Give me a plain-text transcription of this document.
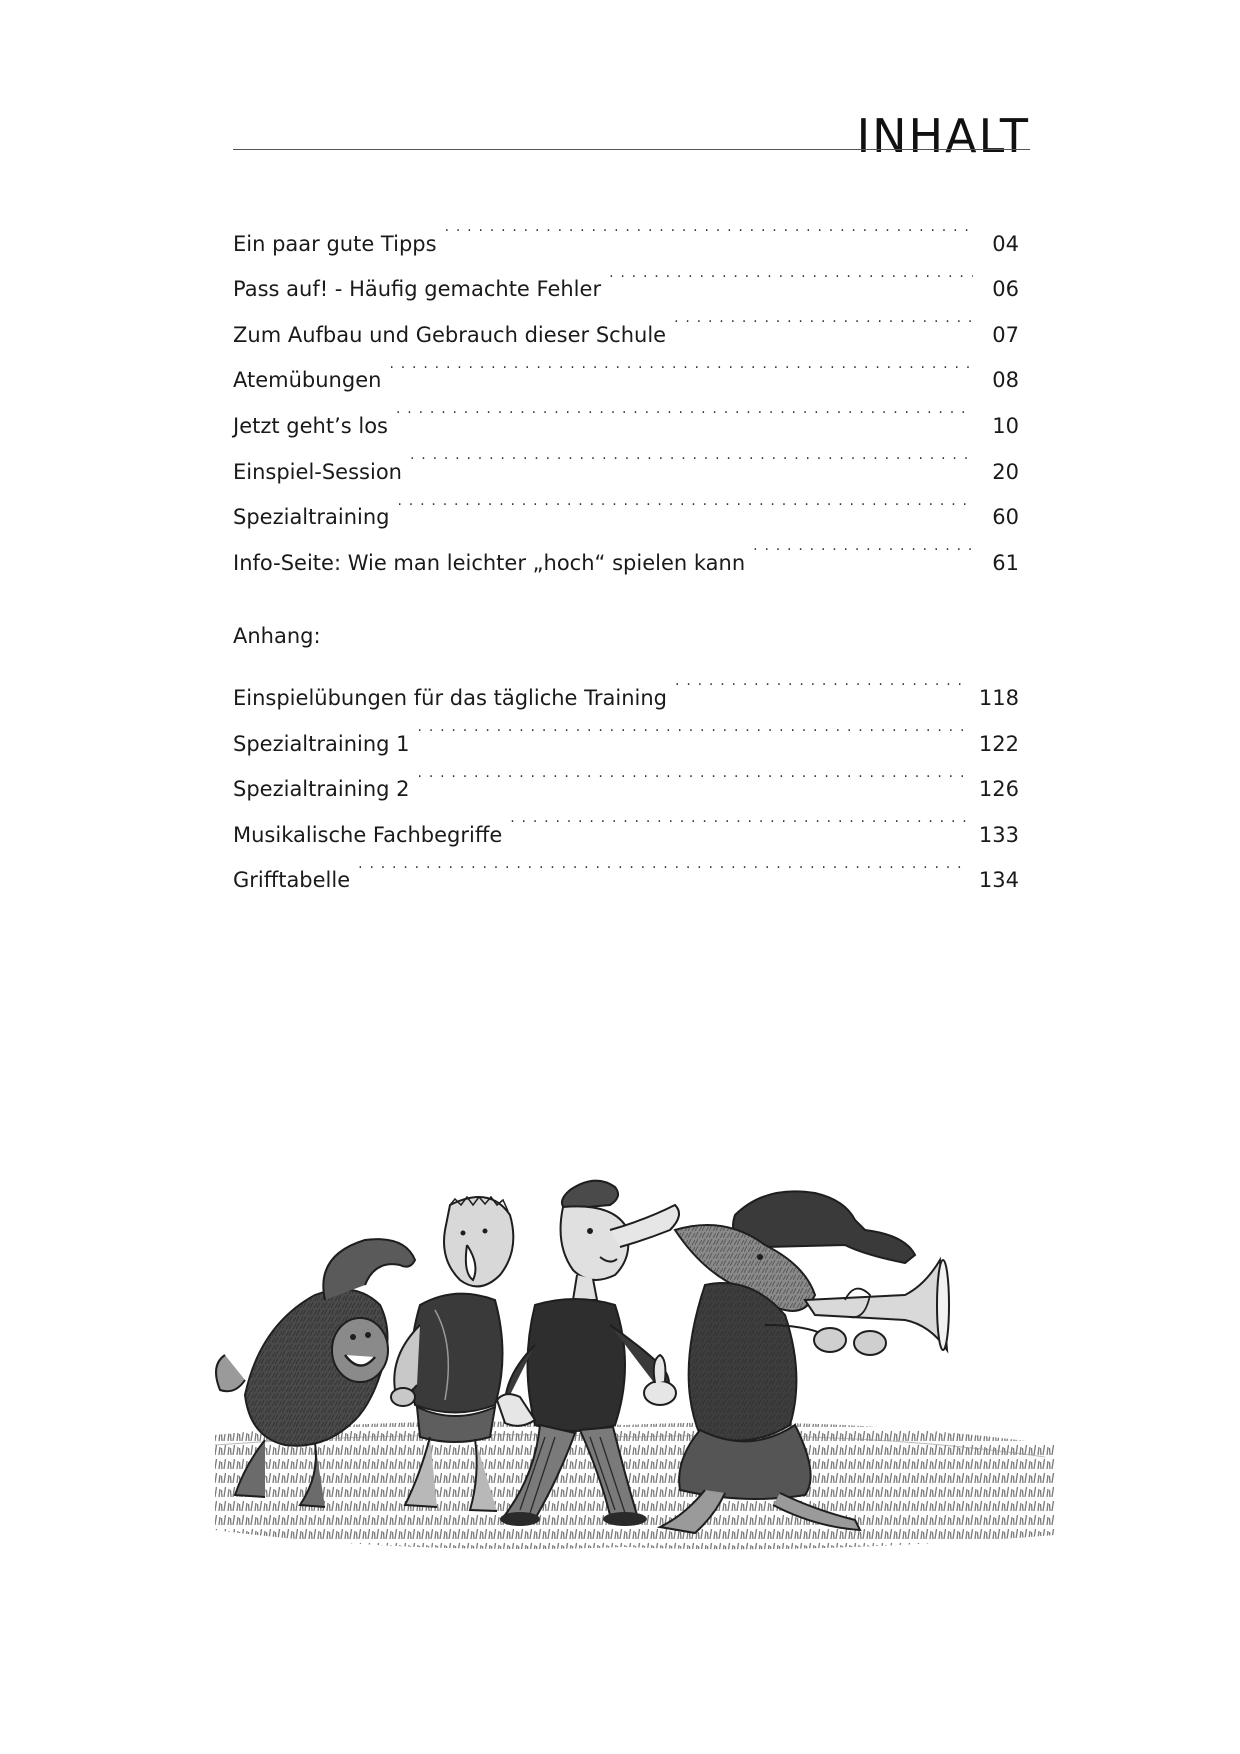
INHALT
Ein paar gute Tipps . . .	04
Pass auf! - Häufig gemachte Fehler . . .	06
Zum Aufbau und Gebrauch dieser Schule . . .	07
Atemübungen . . .	08
Jetzt geht’s los . . .	10
Einspiel-Session . . .	20
Spezialtraining . . .	60
Info-Seite: Wie man leichter „hoch“ spielen kann . . .	61
Anhang:
Einspielübungen für das tägliche Training . . .	118
Spezialtraining 1 . . .	122
Spezialtraining 2 . . .	126
Musikalische Fachbegriffe . . .	133
Grifftabelle . . .	134
